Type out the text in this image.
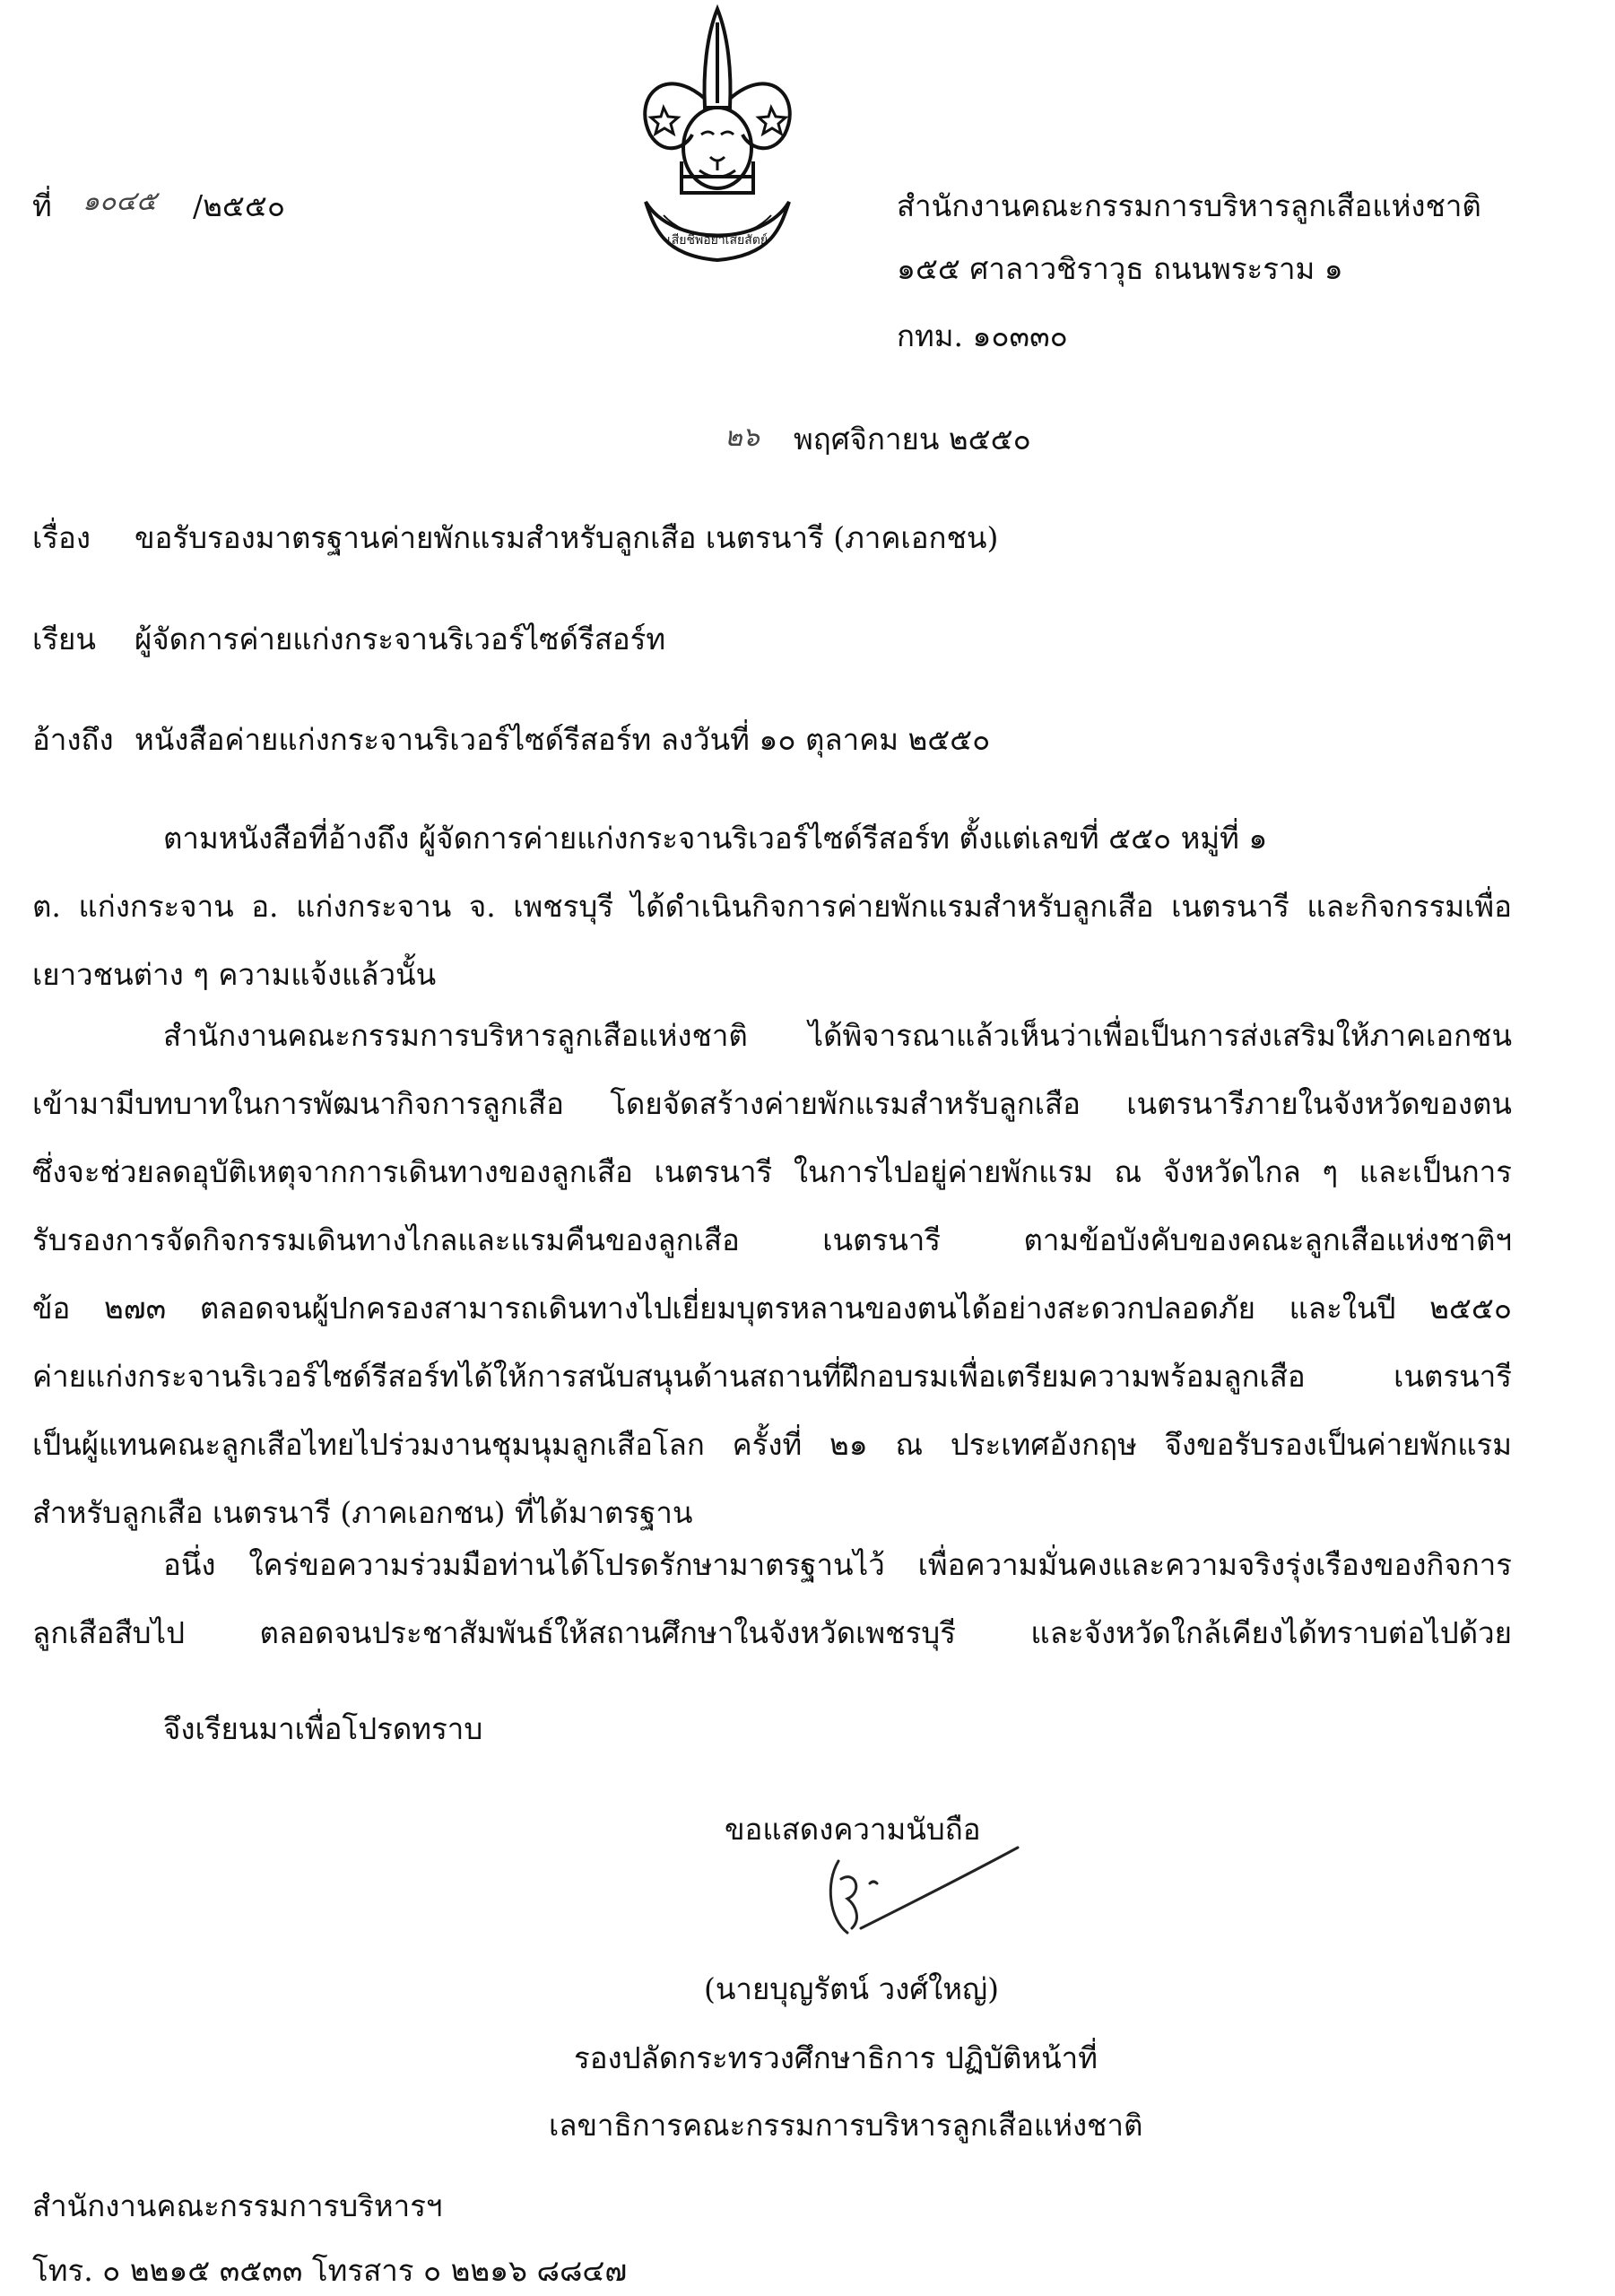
เสียชีพอย่าเสียสัตย์
ที่ ๑๐๔๕ /๒๕๕๐	สำนักงานคณะกรรมการบริหารลูกเสือแห่งชาติ
๑๕๕ ศาลาวชิราวุธ ถนนพระราม ๑
กทม. ๑๐๓๓๐
๒๖ พฤศจิกายน ๒๕๕๐
เรื่อง ขอรับรองมาตรฐานค่ายพักแรมสำหรับลูกเสือ เนตรนารี (ภาคเอกชน)
เรียน ผู้จัดการค่ายแก่งกระจานริเวอร์ไซด์รีสอร์ท
อ้างถึง หนังสือค่ายแก่งกระจานริเวอร์ไซด์รีสอร์ท ลงวันที่ ๑๐ ตุลาคม ๒๕๕๐
ตามหนังสือที่อ้างถึง ผู้จัดการค่ายแก่งกระจานริเวอร์ไซด์รีสอร์ท ตั้งแต่เลขที่ ๕๕๐ หมู่ที่ ๑
ต. แก่งกระจาน อ. แก่งกระจาน จ. เพชรบุรี ได้ดำเนินกิจการค่ายพักแรมสำหรับลูกเสือ เนตรนารี และกิจกรรมเพื่อ
เยาวชนต่าง ๆ ความแจ้งแล้วนั้น
สำนักงานคณะกรรมการบริหารลูกเสือแห่งชาติ ได้พิจารณาแล้วเห็นว่าเพื่อเป็นการส่งเสริมให้ภาคเอกชน
เข้ามามีบทบาทในการพัฒนากิจการลูกเสือ โดยจัดสร้างค่ายพักแรมสำหรับลูกเสือ เนตรนารีภายในจังหวัดของตน
ซึ่งจะช่วยลดอุบัติเหตุจากการเดินทางของลูกเสือ เนตรนารี ในการไปอยู่ค่ายพักแรม ณ จังหวัดไกล ๆ และเป็นการ
รับรองการจัดกิจกรรมเดินทางไกลและแรมคืนของลูกเสือ เนตรนารี ตามข้อบังคับของคณะลูกเสือแห่งชาติฯ
ข้อ ๒๗๓ ตลอดจนผู้ปกครองสามารถเดินทางไปเยี่ยมบุตรหลานของตนได้อย่างสะดวกปลอดภัย และในปี ๒๕๕๐
ค่ายแก่งกระจานริเวอร์ไซด์รีสอร์ทได้ให้การสนับสนุนด้านสถานที่ฝึกอบรมเพื่อเตรียมความพร้อมลูกเสือ เนตรนารี
เป็นผู้แทนคณะลูกเสือไทยไปร่วมงานชุมนุมลูกเสือโลก ครั้งที่ ๒๑ ณ ประเทศอังกฤษ จึงขอรับรองเป็นค่ายพักแรม
สำหรับลูกเสือ เนตรนารี (ภาคเอกชน) ที่ได้มาตรฐาน
อนึ่ง ใคร่ขอความร่วมมือท่านได้โปรดรักษามาตรฐานไว้ เพื่อความมั่นคงและความจริงรุ่งเรืองของกิจการ
ลูกเสือสืบไป ตลอดจนประชาสัมพันธ์ให้สถานศึกษาในจังหวัดเพชรบุรี และจังหวัดใกล้เคียงได้ทราบต่อไปด้วย
จึงเรียนมาเพื่อโปรดทราบ
ขอแสดงความนับถือ
(นายบุญรัตน์ วงศ์ใหญ่)
รองปลัดกระทรวงศึกษาธิการ ปฏิบัติหน้าที่
เลขาธิการคณะกรรมการบริหารลูกเสือแห่งชาติ
สำนักงานคณะกรรมการบริหารฯ
โทร. ๐ ๒๒๑๕ ๓๕๓๓ โทรสาร ๐ ๒๒๑๖ ๘๘๔๗
